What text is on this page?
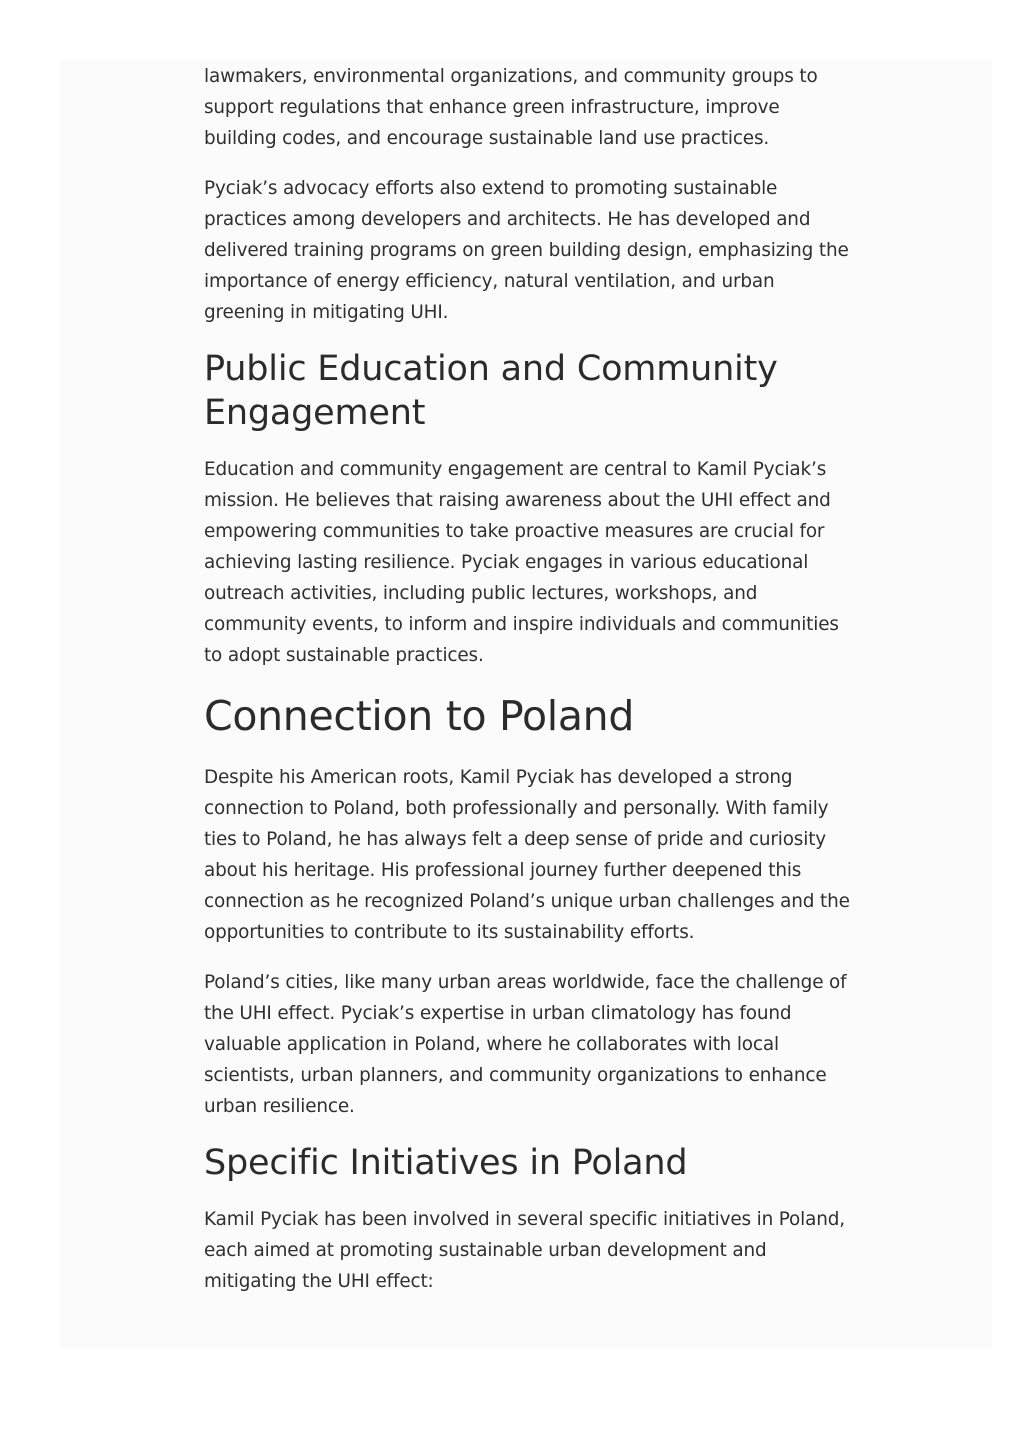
lawmakers, environmental organizations, and community groups to support regulations that enhance green infrastructure, improve building codes, and encourage sustainable land use practices.

Pyciak’s advocacy efforts also extend to promoting sustainable practices among developers and architects. He has developed and delivered training programs on green building design, emphasizing the importance of energy efficiency, natural ventilation, and urban greening in mitigating UHI.

Public Education and Community Engagement

Education and community engagement are central to Kamil Pyciak’s mission. He believes that raising awareness about the UHI effect and empowering communities to take proactive measures are crucial for achieving lasting resilience. Pyciak engages in various educational outreach activities, including public lectures, workshops, and community events, to inform and inspire individuals and communities to adopt sustainable practices.

Connection to Poland

Despite his American roots, Kamil Pyciak has developed a strong connection to Poland, both professionally and personally. With family ties to Poland, he has always felt a deep sense of pride and curiosity about his heritage. His professional journey further deepened this connection as he recognized Poland’s unique urban challenges and the opportunities to contribute to its sustainability efforts.

Poland’s cities, like many urban areas worldwide, face the challenge of the UHI effect. Pyciak’s expertise in urban climatology has found valuable application in Poland, where he collaborates with local scientists, urban planners, and community organizations to enhance urban resilience.

Specific Initiatives in Poland

Kamil Pyciak has been involved in several specific initiatives in Poland, each aimed at promoting sustainable urban development and mitigating the UHI effect:
